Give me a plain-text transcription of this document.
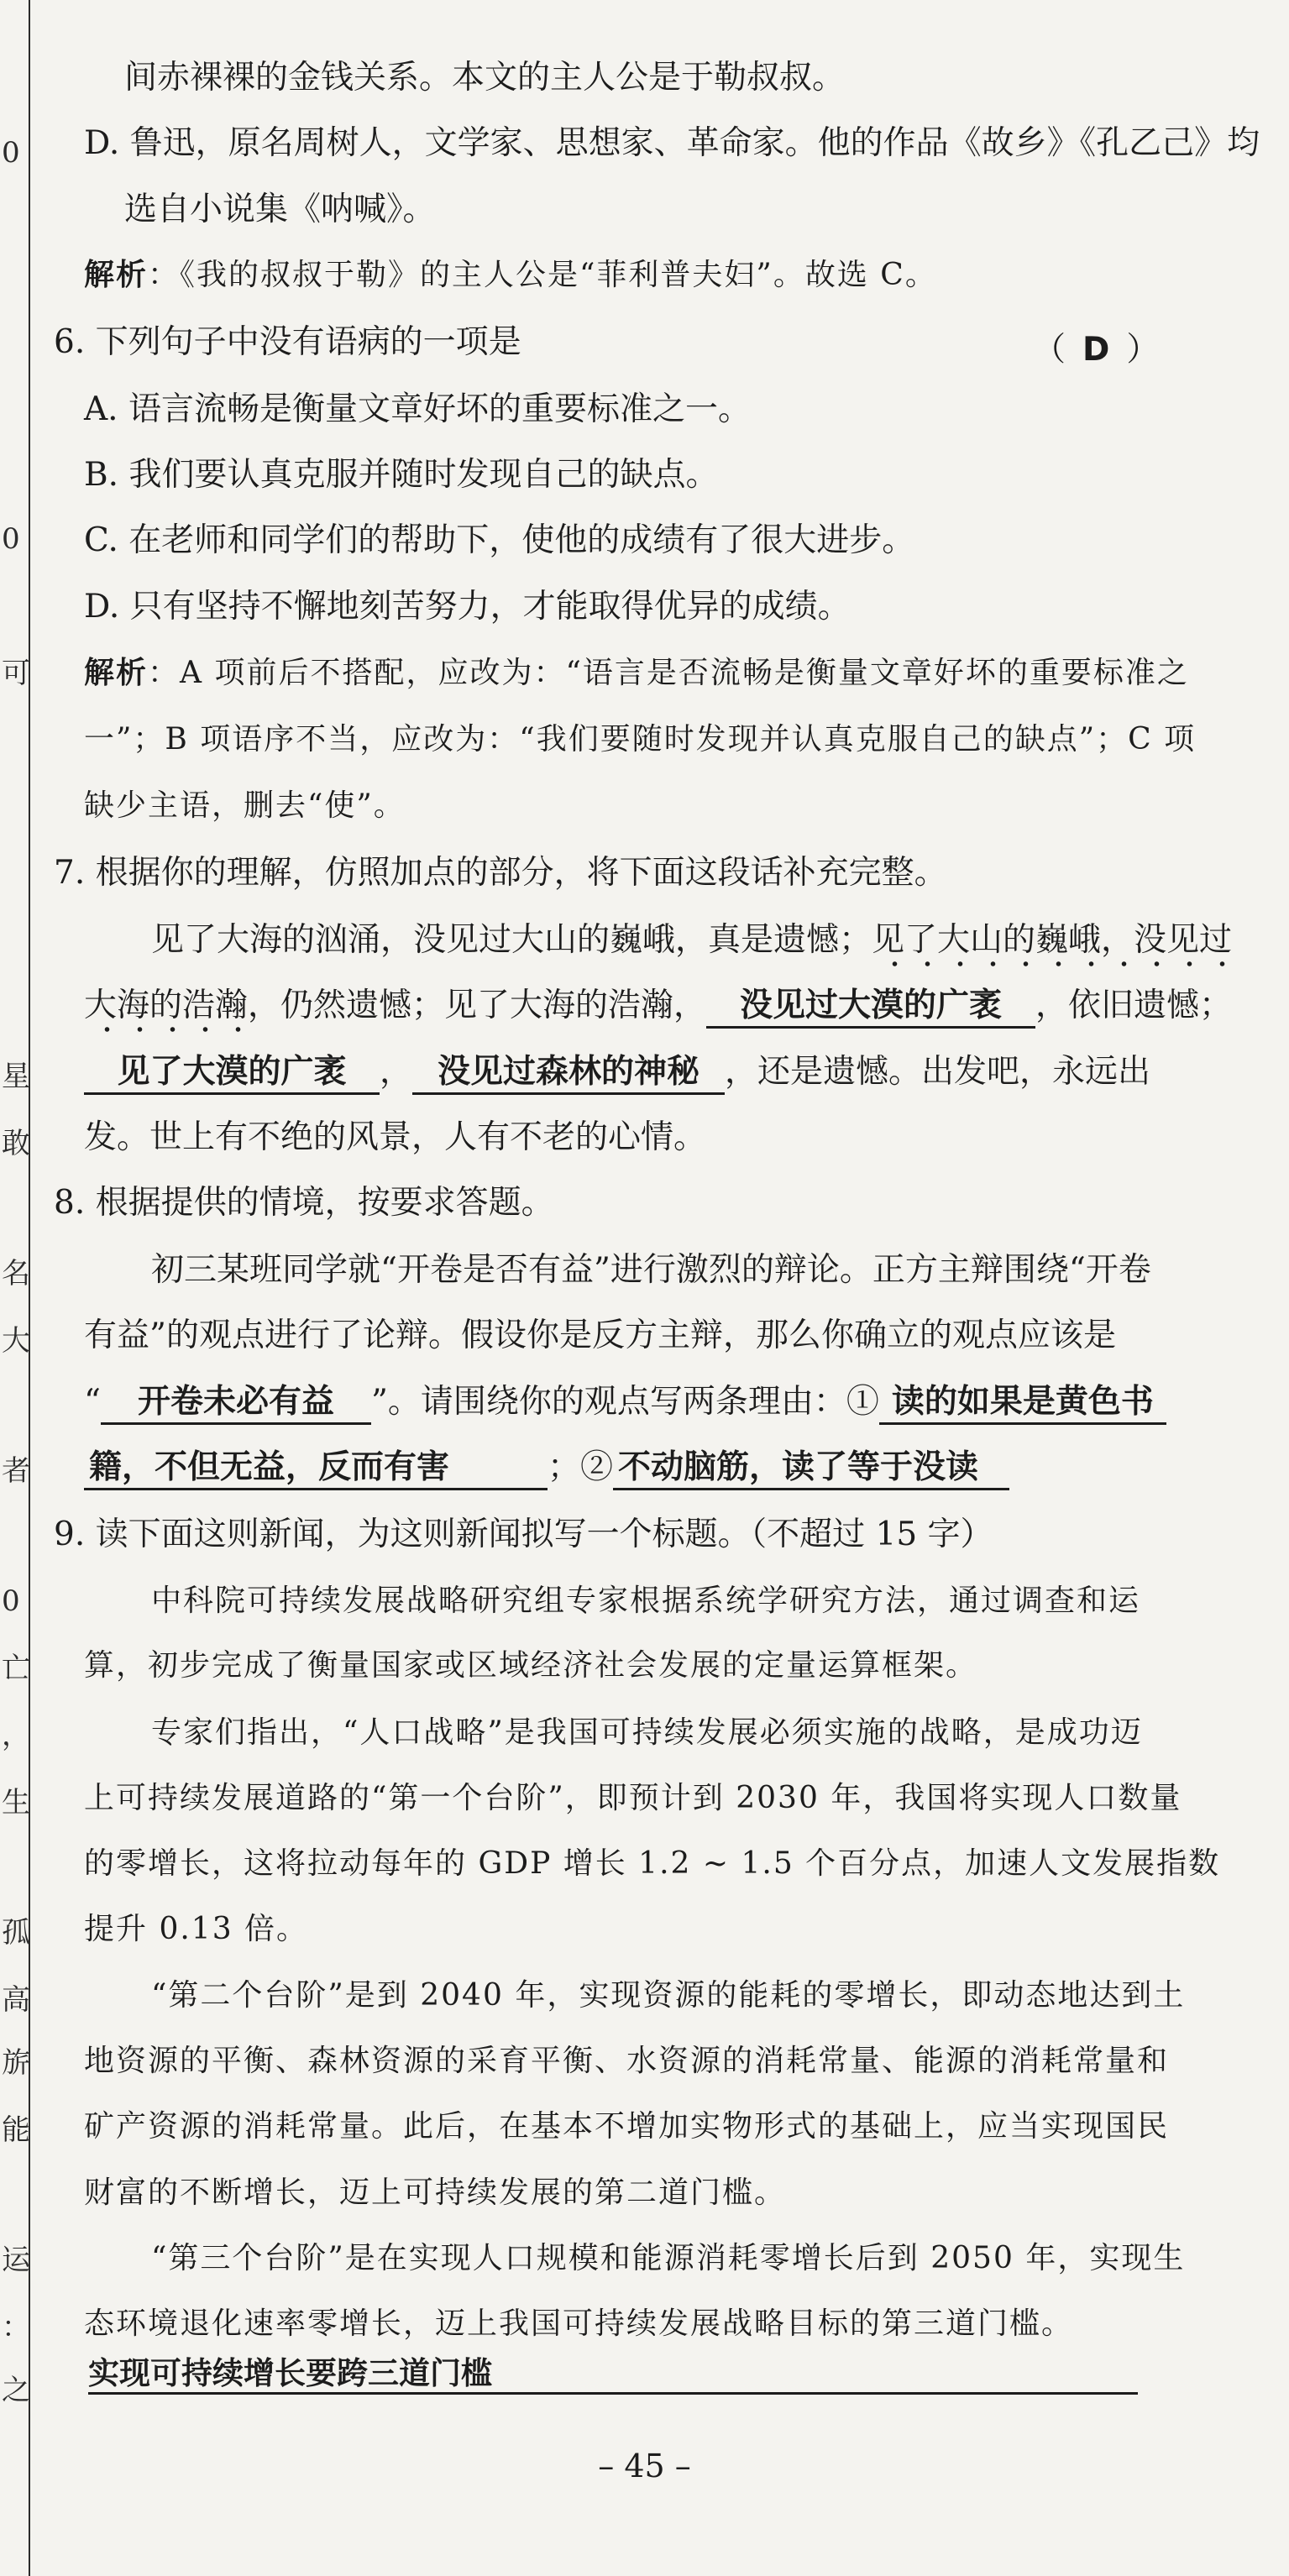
0
0
可
星
敢
名
大
者
0
亡
，
生
孤
高
旂
能
运
：
之
间赤裸裸的金钱关系。本文的主人公是于勒叔叔。
D. 鲁迅，原名周树人，文学家、思想家、革命家。他的作品《故乡》《孔乙己》均
选自小说集《呐喊》。
解析：《我的叔叔于勒》的主人公是“菲利普夫妇”。故选 C。
6. 下列句子中没有语病的一项是	（ D ）
A. 语言流畅是衡量文章好坏的重要标准之一。
B. 我们要认真克服并随时发现自己的缺点。
C. 在老师和同学们的帮助下，使他的成绩有了很大进步。
D. 只有坚持不懈地刻苦努力，才能取得优异的成绩。
解析：A 项前后不搭配，应改为：“语言是否流畅是衡量文章好坏的重要标准之
一”；B 项语序不当，应改为：“我们要随时发现并认真克服自己的缺点”；C 项
缺少主语，删去“使”。
7. 根据你的理解，仿照加点的部分，将下面这段话补充完整。
见了大海的汹涌，没见过大山的巍峨，真是遗憾；见了大山的巍峨，没见过
大海的浩瀚，仍然遗憾；见了大海的浩瀚， 没见过大漠的广袤 ，依旧遗憾；
见了大漠的广袤 ， 没见过森林的神秘 ，还是遗憾。出发吧，永远出
发。世上有不绝的风景，人有不老的心情。
8. 根据提供的情境，按要求答题。
初三某班同学就“开卷是否有益”进行激烈的辩论。正方主辩围绕“开卷
有益”的观点进行了论辩。假设你是反方主辩，那么你确立的观点应该是
“ 开卷未必有益 ”。请围绕你的观点写两条理由：① 读的如果是黄色书
籍，不但无益，反而有害	；② 不动脑筋，读了等于没读
9. 读下面这则新闻，为这则新闻拟写一个标题。（不超过 15 字）
中科院可持续发展战略研究组专家根据系统学研究方法，通过调查和运
算，初步完成了衡量国家或区域经济社会发展的定量运算框架。
专家们指出，“人口战略”是我国可持续发展必须实施的战略，是成功迈
上可持续发展道路的“第一个台阶”，即预计到 2030 年，我国将实现人口数量
的零增长，这将拉动每年的 GDP 增长 1.2 ~ 1.5 个百分点，加速人文发展指数
提升 0.13 倍。
“第二个台阶”是到 2040 年，实现资源的能耗的零增长，即动态地达到土
地资源的平衡、森林资源的采育平衡、水资源的消耗常量、能源的消耗常量和
矿产资源的消耗常量。此后，在基本不增加实物形式的基础上，应当实现国民
财富的不断增长，迈上可持续发展的第二道门槛。
“第三个台阶”是在实现人口规模和能源消耗零增长后到 2050 年，实现生
态环境退化速率零增长，迈上我国可持续发展战略目标的第三道门槛。
实现可持续增长要跨三道门槛
– 45 –
